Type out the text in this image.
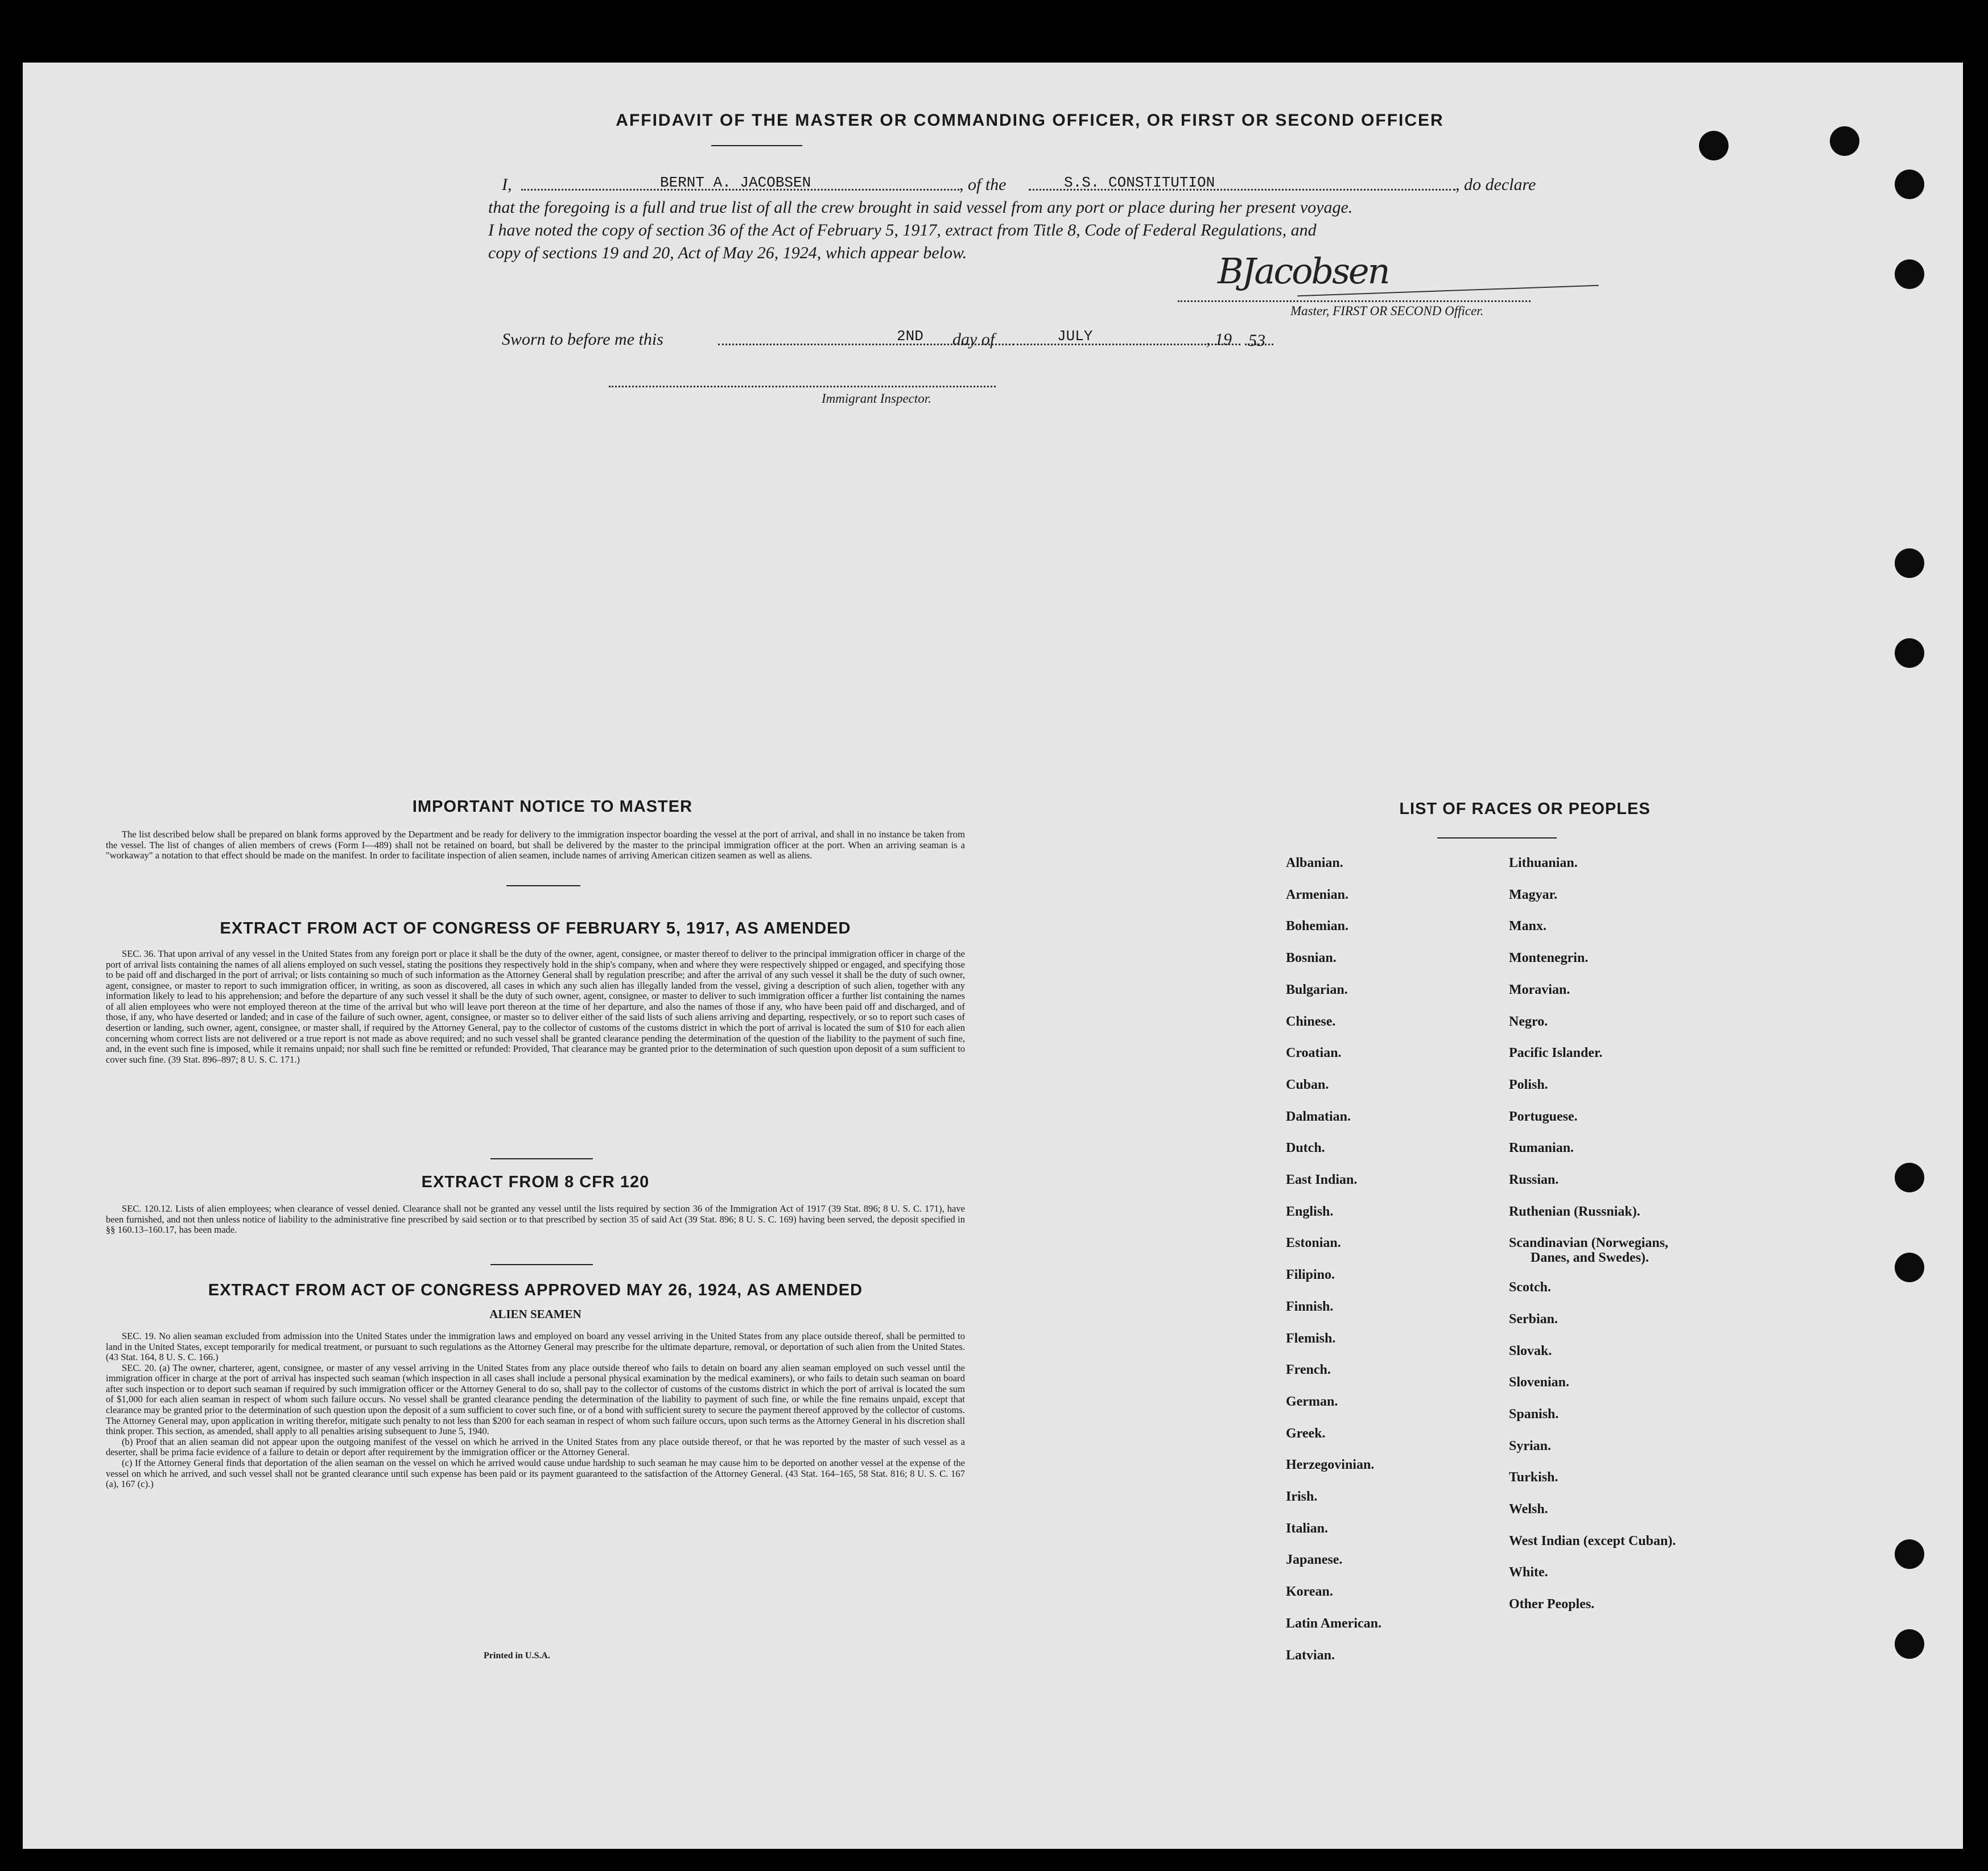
AFFIDAVIT OF THE MASTER OR COMMANDING OFFICER, OR FIRST OR SECOND OFFICER
I,	BERNT A. JACOBSEN	, of the	S.S. CONSTITUTION	, do declare
that the foregoing is a full and true list of all the crew brought in said vessel from any port or place during her present voyage.
I have noted the copy of section 36 of the Act of February 5, 1917, extract from Title 8, Code of Federal Regulations, and
copy of sections 19 and 20, Act of May 26, 1924, which appear below.	BJacobsen
Master, FIRST OR SECOND Officer.
Sworn to before me this	2ND day of	JULY	, 19 53
Immigrant Inspector.
IMPORTANT NOTICE TO MASTER

The list described below shall be prepared on blank forms approved by the Department and be ready for delivery to the immigration inspector boarding the vessel at the port of arrival, and shall in no instance be taken from the vessel. The list of changes of alien members of crews (Form I—489) shall not be retained on board, but shall be delivered by the master to the principal immigration officer at the port. When an arriving seaman is a "workaway" a notation to that effect should be made on the manifest. In order to facilitate inspection of alien seamen, include names of arriving American citizen seamen as well as aliens.

EXTRACT FROM ACT OF CONGRESS OF FEBRUARY 5, 1917, AS AMENDED

SEC. 36. That upon arrival of any vessel in the United States from any foreign port or place it shall be the duty of the owner, agent, consignee, or master thereof to deliver to the principal immigration officer in charge of the port of arrival lists containing the names of all aliens employed on such vessel, stating the positions they respectively hold in the ship's company, when and where they were respectively shipped or engaged, and specifying those to be paid off and discharged in the port of arrival; or lists containing so much of such information as the Attorney General shall by regulation prescribe; and after the arrival of any such vessel it shall be the duty of such owner, agent, consignee, or master to report to such immigration officer, in writing, as soon as discovered, all cases in which any such alien has illegally landed from the vessel, giving a description of such alien, together with any information likely to lead to his apprehension; and before the departure of any such vessel it shall be the duty of such owner, agent, consignee, or master to deliver to such immigration officer a further list containing the names of all alien employees who were not employed thereon at the time of the arrival but who will leave port thereon at the time of her departure, and also the names of those if any, who have been paid off and discharged, and of those, if any, who have deserted or landed; and in case of the failure of such owner, agent, consignee, or master so to deliver either of the said lists of such aliens arriving and departing, respectively, or so to report such cases of desertion or landing, such owner, agent, consignee, or master shall, if required by the Attorney General, pay to the collector of customs of the customs district in which the port of arrival is located the sum of $10 for each alien concerning whom correct lists are not delivered or a true report is not made as above required; and no such vessel shall be granted clearance pending the determination of the question of the liability to the payment of such fine, and, in the event such fine is imposed, while it remains unpaid; nor shall such fine be remitted or refunded: Provided, That clearance may be granted prior to the determination of such question upon deposit of a sum sufficient to cover such fine. (39 Stat. 896–897; 8 U. S. C. 171.)

EXTRACT FROM 8 CFR 120

SEC. 120.12. Lists of alien employees; when clearance of vessel denied. Clearance shall not be granted any vessel until the lists required by section 36 of the Immigration Act of 1917 (39 Stat. 896; 8 U. S. C. 171), have been furnished, and not then unless notice of liability to the administrative fine prescribed by said section or to that prescribed by section 35 of said Act (39 Stat. 896; 8 U. S. C. 169) having been served, the deposit specified in §§ 160.13–160.17, has been made.

EXTRACT FROM ACT OF CONGRESS APPROVED MAY 26, 1924, AS AMENDED
ALIEN SEAMEN

SEC. 19. No alien seaman excluded from admission into the United States under the immigration laws and employed on board any vessel arriving in the United States from any place outside thereof, shall be permitted to land in the United States, except temporarily for medical treatment, or pursuant to such regulations as the Attorney General may prescribe for the ultimate departure, removal, or deportation of such alien from the United States. (43 Stat. 164, 8 U. S. C. 166.)

SEC. 20. (a) The owner, charterer, agent, consignee, or master of any vessel arriving in the United States from any place outside thereof who fails to detain on board any alien seaman employed on such vessel until the immigration officer in charge at the port of arrival has inspected such seaman (which inspection in all cases shall include a personal physical examination by the medical examiners), or who fails to detain such seaman on board after such inspection or to deport such seaman if required by such immigration officer or the Attorney General to do so, shall pay to the collector of customs of the customs district in which the port of arrival is located the sum of $1,000 for each alien seaman in respect of whom such failure occurs. No vessel shall be granted clearance pending the determination of the liability to payment of such fine, or while the fine remains unpaid, except that clearance may be granted prior to the determination of such question upon the deposit of a sum sufficient to cover such fine, or of a bond with sufficient surety to secure the payment thereof approved by the collector of customs. The Attorney General may, upon application in writing therefor, mitigate such penalty to not less than $200 for each seaman in respect of whom such failure occurs, upon such terms as the Attorney General in his discretion shall think proper. This section, as amended, shall apply to all penalties arising subsequent to June 5, 1940.

(b) Proof that an alien seaman did not appear upon the outgoing manifest of the vessel on which he arrived in the United States from any place outside thereof, or that he was reported by the master of such vessel as a deserter, shall be prima facie evidence of a failure to detain or deport after requirement by the immigration officer or the Attorney General.

(c) If the Attorney General finds that deportation of the alien seaman on the vessel on which he arrived would cause undue hardship to such seaman he may cause him to be deported on another vessel at the expense of the vessel on which he arrived, and such vessel shall not be granted clearance until such expense has been paid or its payment guaranteed to the satisfaction of the Attorney General. (43 Stat. 164–165, 58 Stat. 816; 8 U. S. C. 167 (a), 167 (c).)

Printed in U.S.A.
LIST OF RACES OR PEOPLES
Albanian.
Armenian.
Bohemian.
Bosnian.
Bulgarian.
Chinese.
Croatian.
Cuban.
Dalmatian.
Dutch.
East Indian.
English.
Estonian.
Filipino.
Finnish.
Flemish.
French.
German.
Greek.
Herzegovinian.
Irish.
Italian.
Japanese.
Korean.
Latin American.
Latvian.
Lithuanian.
Magyar.
Manx.
Montenegrin.
Moravian.
Negro.
Pacific Islander.
Polish.
Portuguese.
Rumanian.
Russian.
Ruthenian (Russniak).
Scandinavian (Norwegians,
Danes, and Swedes).
Scotch.
Serbian.
Slovak.
Slovenian.
Spanish.
Syrian.
Turkish.
Welsh.
West Indian (except Cuban).
White.
Other Peoples.
